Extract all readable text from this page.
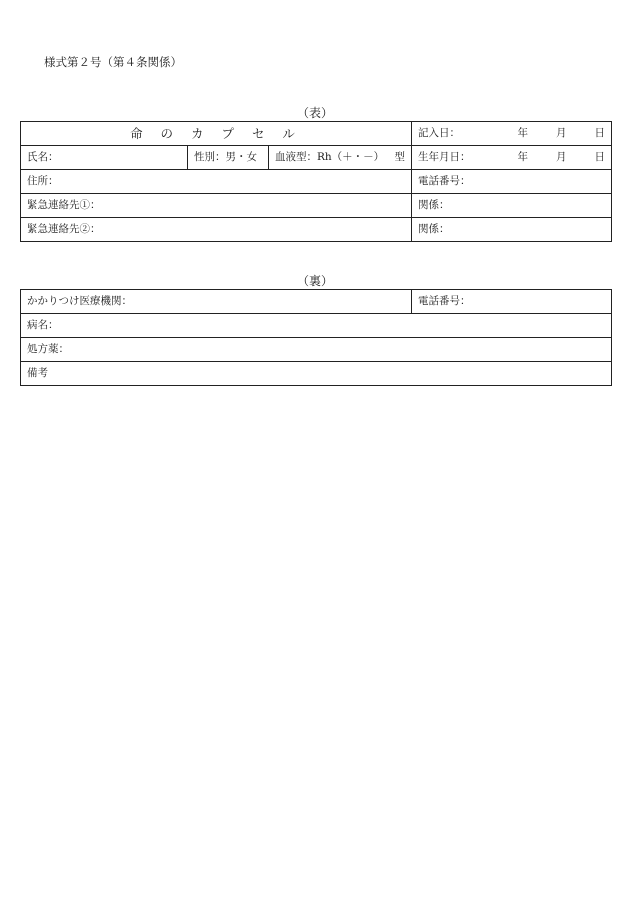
様式第２号（第４条関係）
（表）
命 の カ プ セ ル			記入日： 年 月 日

氏名：	性別：男・女	血液型：Rh（＋・－） 型	生年月日： 年 月 日

住所：			電話番号：
緊急連絡先①：			関係：
緊急連絡先②：			関係：
（裏）
かかりつけ医療機関：	電話番号：
病名：
処方薬：
備考
